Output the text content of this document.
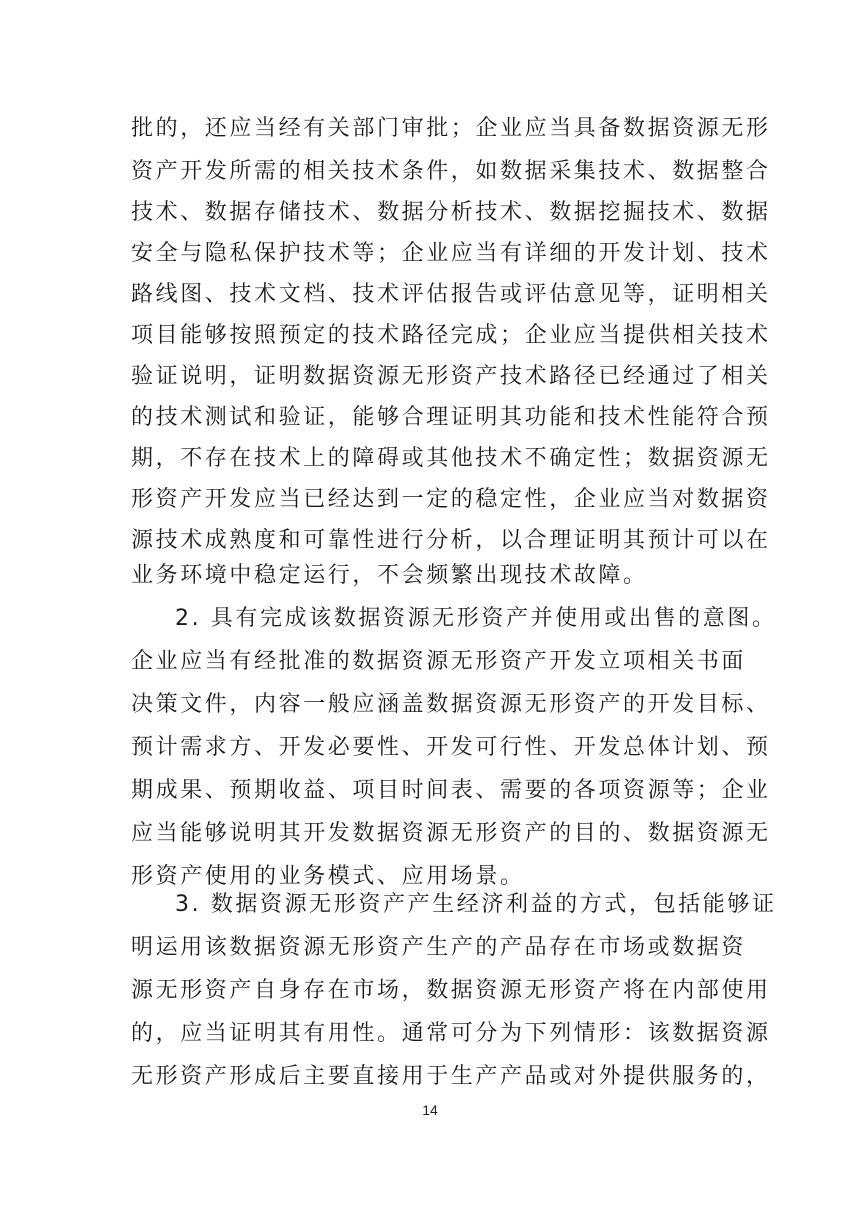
批的，还应当经有关部门审批；企业应当具备数据资源无形
资产开发所需的相关技术条件，如数据采集技术、数据整合
技术、数据存储技术、数据分析技术、数据挖掘技术、数据
安全与隐私保护技术等；企业应当有详细的开发计划、技术
路线图、技术文档、技术评估报告或评估意见等，证明相关
项目能够按照预定的技术路径完成；企业应当提供相关技术
验证说明，证明数据资源无形资产技术路径已经通过了相关
的技术测试和验证，能够合理证明其功能和技术性能符合预
期，不存在技术上的障碍或其他技术不确定性；数据资源无
形资产开发应当已经达到一定的稳定性，企业应当对数据资
源技术成熟度和可靠性进行分析，以合理证明其预计可以在
业务环境中稳定运行，不会频繁出现技术故障。
2. 具有完成该数据资源无形资产并使用或出售的意图。
企业应当有经批准的数据资源无形资产开发立项相关书面
决策文件，内容一般应涵盖数据资源无形资产的开发目标、
预计需求方、开发必要性、开发可行性、开发总体计划、预
期成果、预期收益、项目时间表、需要的各项资源等；企业
应当能够说明其开发数据资源无形资产的目的、数据资源无
形资产使用的业务模式、应用场景。
3. 数据资源无形资产产生经济利益的方式，包括能够证
明运用该数据资源无形资产生产的产品存在市场或数据资
源无形资产自身存在市场，数据资源无形资产将在内部使用
的，应当证明其有用性。通常可分为下列情形：该数据资源
无形资产形成后主要直接用于生产产品或对外提供服务的，
14
